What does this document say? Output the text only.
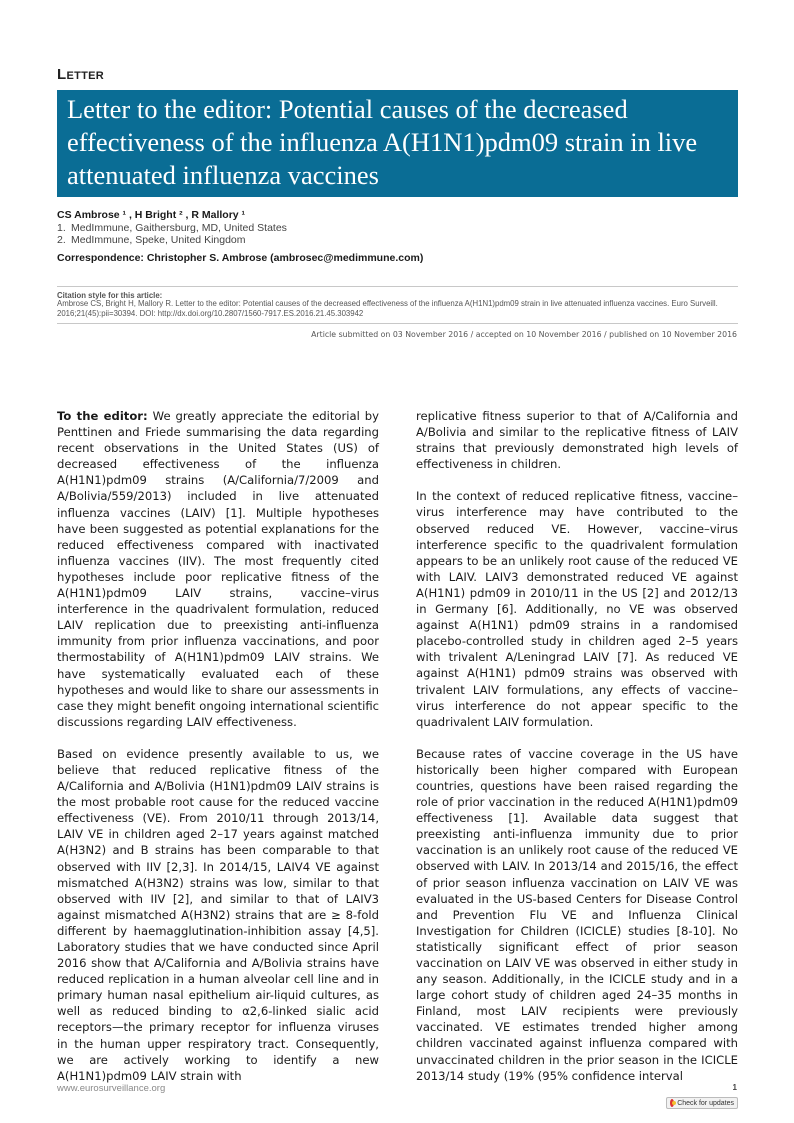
Letter
Letter to the editor: Potential causes of the decreased effectiveness of the influenza A(H1N1)pdm09 strain in live attenuated influenza vaccines
CS Ambrose ¹ , H Bright ² , R Mallory ¹
1. MedImmune, Gaithersburg, MD, United States
2. MedImmune, Speke, United Kingdom
Correspondence: Christopher S. Ambrose (ambrosec@medimmune.com)
Citation style for this article:
Ambrose CS, Bright H, Mallory R. Letter to the editor: Potential causes of the decreased effectiveness of the influenza A(H1N1)pdm09 strain in live attenuated influenza vaccines. Euro Surveill. 2016;21(45):pii=30394. DOI: http://dx.doi.org/10.2807/1560-7917.ES.2016.21.45.303942
Article submitted on 03 November 2016 / accepted on 10 November 2016 / published on 10 November 2016

To the editor: We greatly appreciate the editorial by Penttinen and Friede summarising the data regarding recent observations in the United States (US) of decreased effectiveness of the influenza A(H1N1)pdm09 strains (A/California/7/2009 and A/Bolivia/559/2013) included in live attenuated influenza vaccines (LAIV) [1]. Multiple hypotheses have been suggested as potential explanations for the reduced effectiveness compared with inactivated influenza vaccines (IIV). The most frequently cited hypotheses include poor replicative fitness of the A(H1N1)pdm09 LAIV strains, vaccine–virus interference in the quadrivalent formulation, reduced LAIV replication due to preexisting anti-influenza immunity from prior influenza vaccinations, and poor thermostability of A(H1N1)pdm09 LAIV strains. We have systematically evaluated each of these hypotheses and would like to share our assessments in case they might benefit ongoing international scientific discussions regarding LAIV effectiveness.

Based on evidence presently available to us, we believe that reduced replicative fitness of the A/California and A/Bolivia (H1N1)pdm09 LAIV strains is the most probable root cause for the reduced vaccine effectiveness (VE). From 2010/11 through 2013/14, LAIV VE in children aged 2–17 years against matched A(H3N2) and B strains has been comparable to that observed with IIV [2,3]. In 2014/15, LAIV4 VE against mismatched A(H3N2) strains was low, similar to that observed with IIV [2], and similar to that of LAIV3 against mismatched A(H3N2) strains that are ≥ 8-fold different by haemagglutination-inhibition assay [4,5]. Laboratory studies that we have conducted since April 2016 show that A/California and A/Bolivia strains have reduced replication in a human alveolar cell line and in primary human nasal epithelium air-liquid cultures, as well as reduced binding to α2,6-linked sialic acid receptors—the primary receptor for influenza viruses in the human upper respiratory tract. Consequently, we are actively working to identify a new A(H1N1)pdm09 LAIV strain with

replicative fitness superior to that of A/California and A/Bolivia and similar to the replicative fitness of LAIV strains that previously demonstrated high levels of effectiveness in children.

In the context of reduced replicative fitness, vaccine–virus interference may have contributed to the observed reduced VE. However, vaccine–virus interference specific to the quadrivalent formulation appears to be an unlikely root cause of the reduced VE with LAIV. LAIV3 demonstrated reduced VE against A(H1N1) pdm09 in 2010/11 in the US [2] and 2012/13 in Germany [6]. Additionally, no VE was observed against A(H1N1) pdm09 strains in a randomised placebo-controlled study in children aged 2–5 years with trivalent A/Leningrad LAIV [7]. As reduced VE against A(H1N1) pdm09 strains was observed with trivalent LAIV formulations, any effects of vaccine–virus interference do not appear specific to the quadrivalent LAIV formulation.

Because rates of vaccine coverage in the US have historically been higher compared with European countries, questions have been raised regarding the role of prior vaccination in the reduced A(H1N1)pdm09 effectiveness [1]. Available data suggest that preexisting anti-influenza immunity due to prior vaccination is an unlikely root cause of the reduced VE observed with LAIV. In 2013/14 and 2015/16, the effect of prior season influenza vaccination on LAIV VE was evaluated in the US-based Centers for Disease Control and Prevention Flu VE and Influenza Clinical Investigation for Children (ICICLE) studies [8-10]. No statistically significant effect of prior season vaccination on LAIV VE was observed in either study in any season. Additionally, in the ICICLE study and in a large cohort study of children aged 24–35 months in Finland, most LAIV recipients were previously vaccinated. VE estimates trended higher among children vaccinated against influenza compared with unvaccinated children in the prior season in the ICICLE 2013/14 study (19% (95% confidence interval

www.eurosurveillance.org	1
Check for updates
